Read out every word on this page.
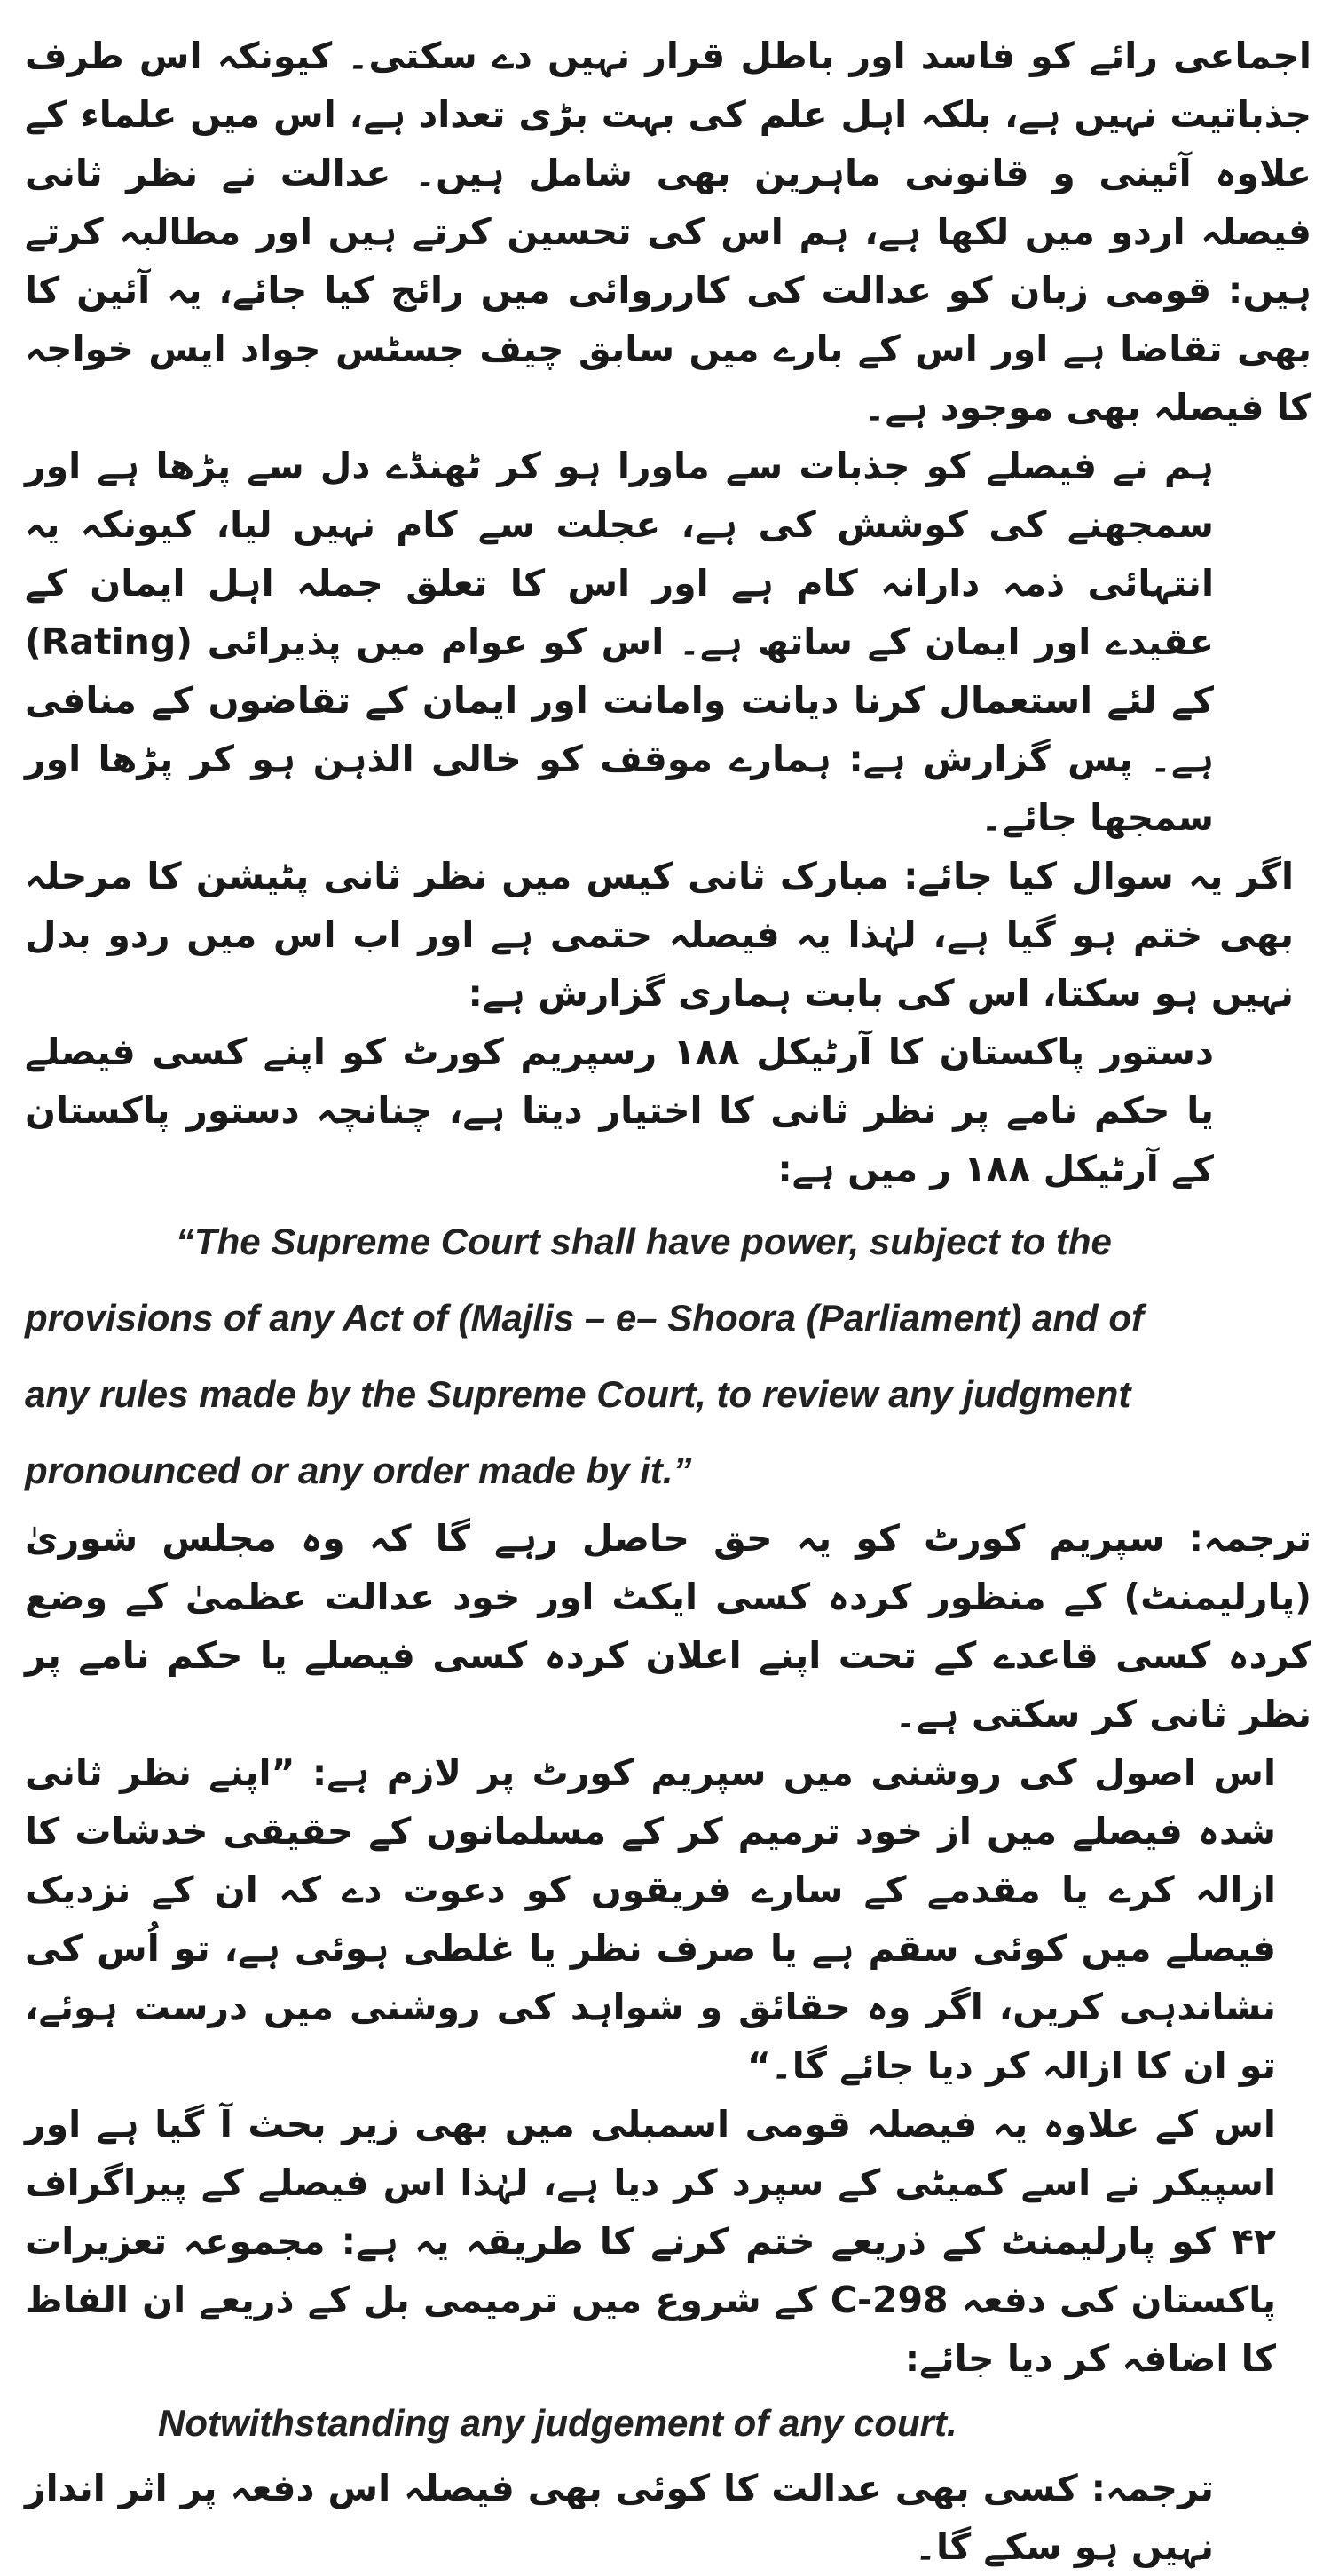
اجماعی رائے کو فاسد اور باطل قرار نہیں دے سکتی۔ کیونکہ اس طرف جذباتیت نہیں ہے، بلکہ اہل علم کی بہت بڑی تعداد ہے، اس میں علماء کے علاوہ آئینی و قانونی ماہرین بھی شامل ہیں۔ عدالت نے نظر ثانی فیصلہ اردو میں لکھا ہے، ہم اس کی تحسین کرتے ہیں اور مطالبہ کرتے ہیں: قومی زبان کو عدالت کی کارروائی میں رائج کیا جائے، یہ آئین کا بھی تقاضا ہے اور اس کے بارے میں سابق چیف جسٹس جواد ایس خواجہ کا فیصلہ بھی موجود ہے۔

ہم نے فیصلے کو جذبات سے ماورا ہو کر ٹھنڈے دل سے پڑھا ہے اور سمجھنے کی کوشش کی ہے، عجلت سے کام نہیں لیا، کیونکہ یہ انتہائی ذمہ دارانہ کام ہے اور اس کا تعلق جملہ اہل ایمان کے عقیدے اور ایمان کے ساتھ ہے۔ اس کو عوام میں پذیرائی (Rating) کے لئے استعمال کرنا دیانت وامانت اور ایمان کے تقاضوں کے منافی ہے۔ پس گزارش ہے: ہمارے موقف کو خالی الذہن ہو کر پڑھا اور سمجھا جائے۔

اگر یہ سوال کیا جائے: مبارک ثانی کیس میں نظر ثانی پٹیشن کا مرحلہ بھی ختم ہو گیا ہے، لہٰذا یہ فیصلہ حتمی ہے اور اب اس میں ردو بدل نہیں ہو سکتا، اس کی بابت ہماری گزارش ہے:

دستور پاکستان کا آرٹیکل ۱۸۸ رسپریم کورٹ کو اپنے کسی فیصلے یا حکم نامے پر نظر ثانی کا اختیار دیتا ہے، چنانچہ دستور پاکستان کے آرٹیکل ۱۸۸ ر میں ہے:

“The Supreme Court shall have power, subject to the
provisions of any Act of (Majlis – e– Shoora (Parliament) and of
any rules made by the Supreme Court, to review any judgment
pronounced or any order made by it.”

ترجمہ: سپریم کورٹ کو یہ حق حاصل رہے گا کہ وہ مجلس شوریٰ (پارلیمنٹ) کے منظور کردہ کسی ایکٹ اور خود عدالت عظمیٰ کے وضع کردہ کسی قاعدے کے تحت اپنے اعلان کردہ کسی فیصلے یا حکم نامے پر نظر ثانی کر سکتی ہے۔

اس اصول کی روشنی میں سپریم کورٹ پر لازم ہے: ”اپنے نظر ثانی شدہ فیصلے میں از خود ترمیم کر کے مسلمانوں کے حقیقی خدشات کا ازالہ کرے یا مقدمے کے سارے فریقوں کو دعوت دے کہ ان کے نزدیک فیصلے میں کوئی سقم ہے یا صرف نظر یا غلطی ہوئی ہے، تو اُس کی نشاندہی کریں، اگر وہ حقائق و شواہد کی روشنی میں درست ہوئے، تو ان کا ازالہ کر دیا جائے گا۔“

اس کے علاوہ یہ فیصلہ قومی اسمبلی میں بھی زیر بحث آ گیا ہے اور اسپیکر نے اسے کمیٹی کے سپرد کر دیا ہے، لہٰذا اس فیصلے کے پیراگراف ۴۲ کو پارلیمنٹ کے ذریعے ختم کرنے کا طریقہ یہ ہے: مجموعہ تعزیرات پاکستان کی دفعہ 298-C کے شروع میں ترمیمی بل کے ذریعے ان الفاظ کا اضافہ کر دیا جائے:

Notwithstanding any judgement of any court.

ترجمہ: کسی بھی عدالت کا کوئی بھی فیصلہ اس دفعہ پر اثر انداز نہیں ہو سکے گا۔
